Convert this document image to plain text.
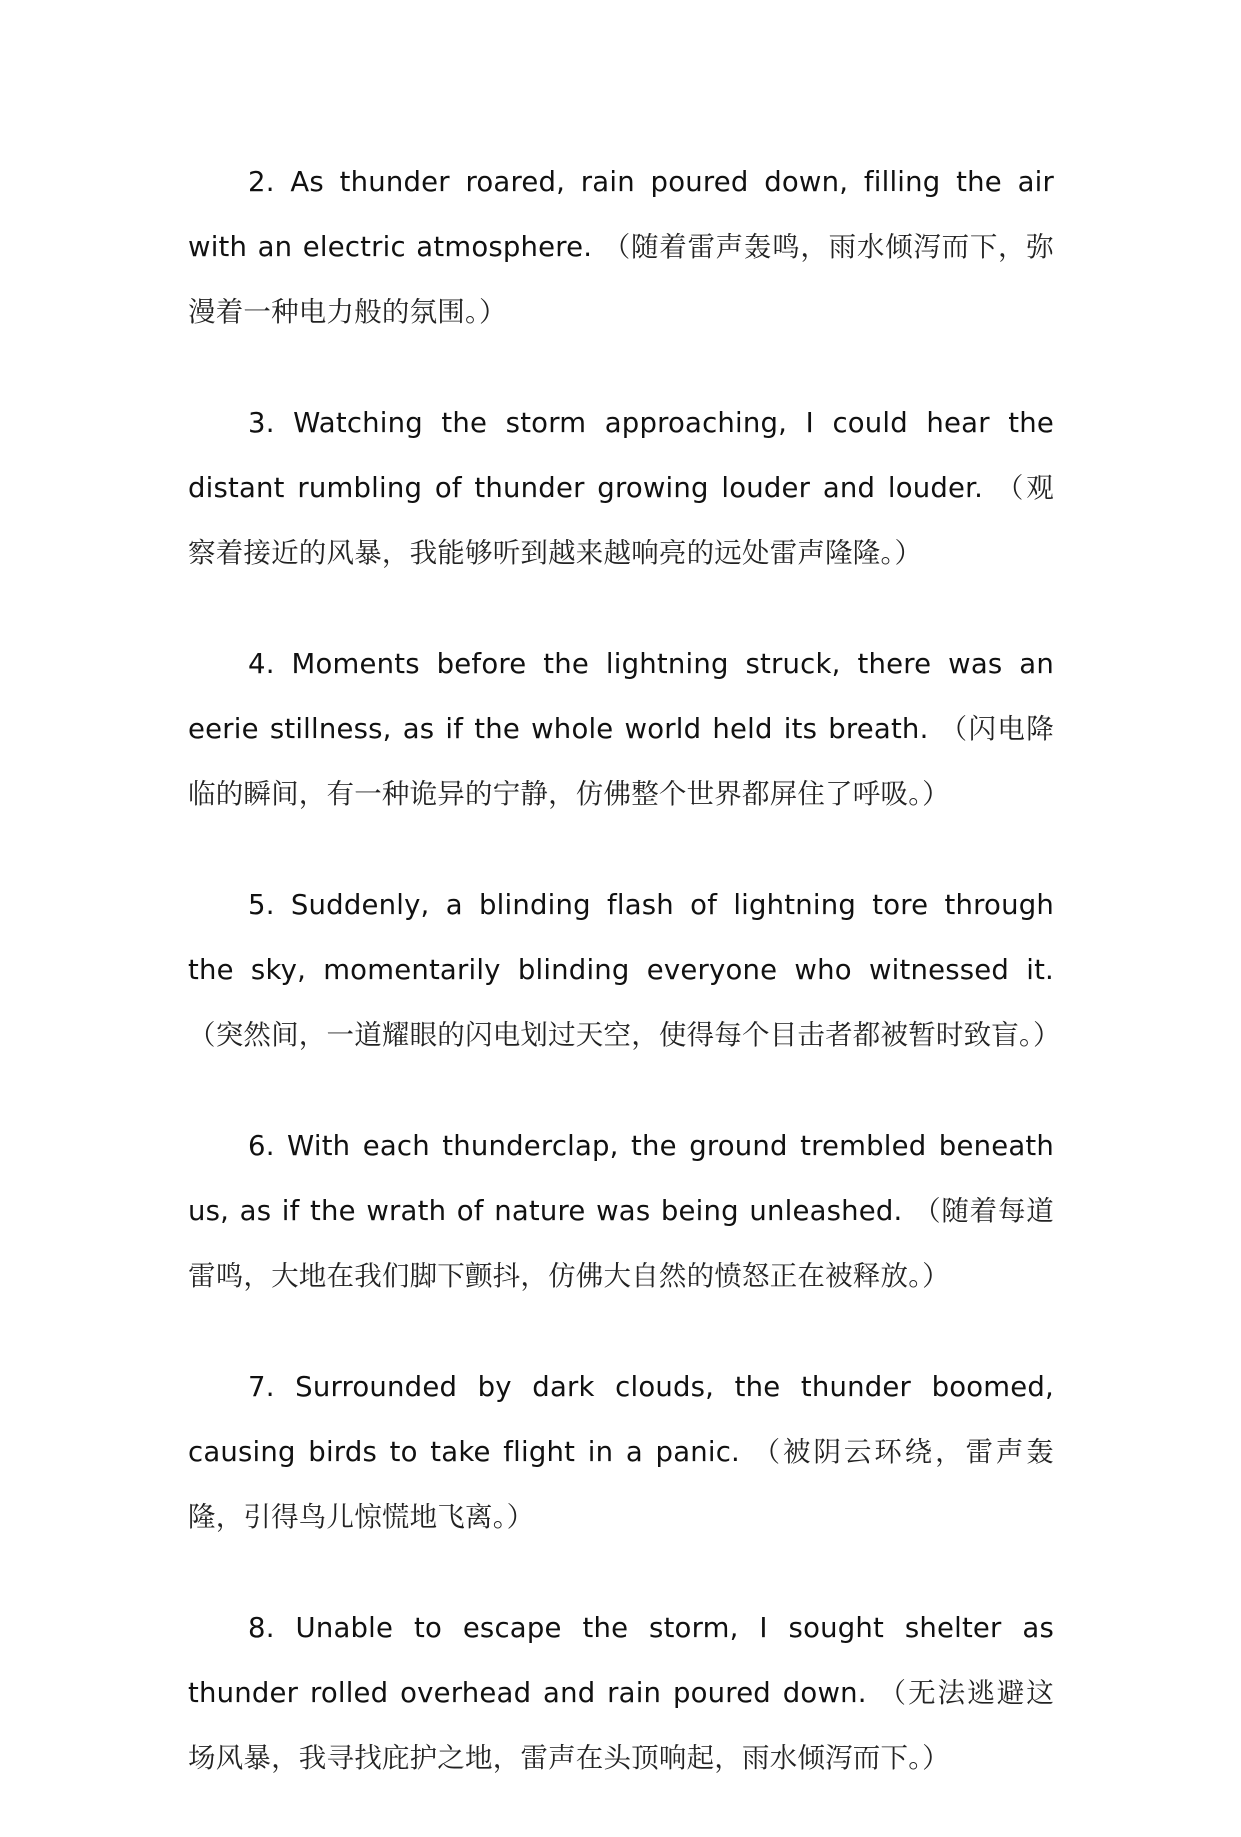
2. As thunder roared, rain poured down, filling the air with an electric atmosphere. （随着雷声轰鸣，雨水倾泻而下，弥漫着一种电力般的氛围。）

3. Watching the storm approaching, I could hear the distant rumbling of thunder growing louder and louder. （观察着接近的风暴，我能够听到越来越响亮的远处雷声隆隆。）

4. Moments before the lightning struck, there was an eerie stillness, as if the whole world held its breath. （闪电降临的瞬间，有一种诡异的宁静，仿佛整个世界都屏住了呼吸。）

5. Suddenly, a blinding flash of lightning tore through the sky, momentarily blinding everyone who witnessed it. （突然间，一道耀眼的闪电划过天空，使得每个目击者都被暂时致盲。）

6. With each thunderclap, the ground trembled beneath us, as if the wrath of nature was being unleashed. （随着每道雷鸣，大地在我们脚下颤抖，仿佛大自然的愤怒正在被释放。）

7. Surrounded by dark clouds, the thunder boomed, causing birds to take flight in a panic. （被阴云环绕，雷声轰隆，引得鸟儿惊慌地飞离。）

8. Unable to escape the storm, I sought shelter as thunder rolled overhead and rain poured down. （无法逃避这场风暴，我寻找庇护之地，雷声在头顶响起，雨水倾泻而下。）
